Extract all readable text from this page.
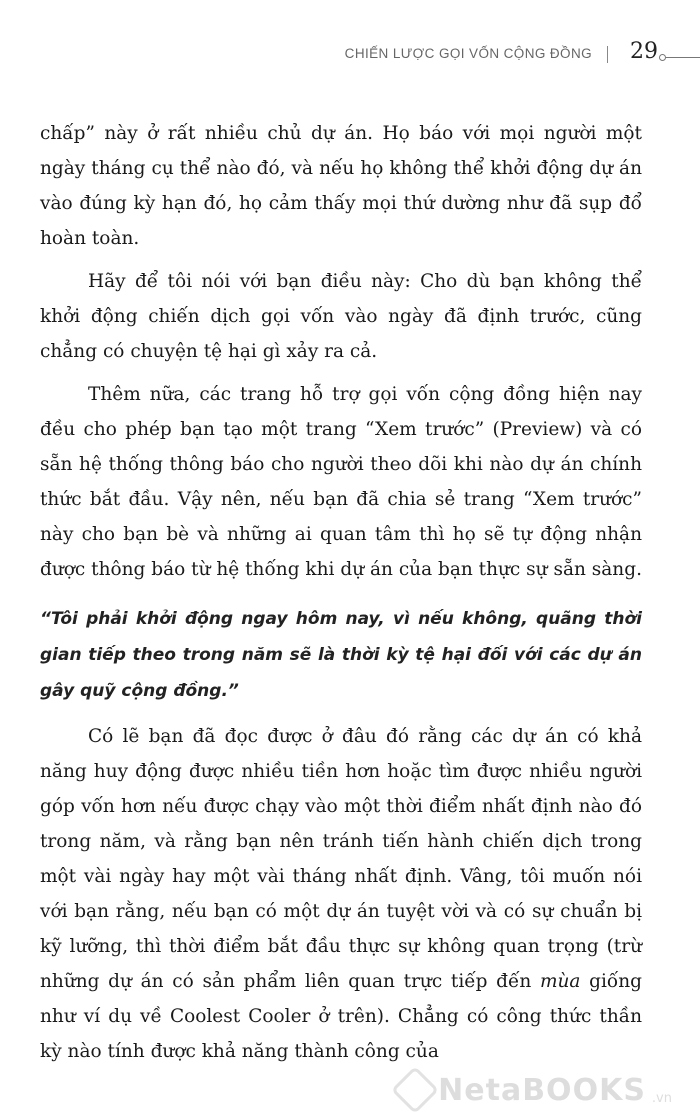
CHIẾN LƯỢC GỌI VỐN CỘNG ĐỒNG 29

chấp” này ở rất nhiều chủ dự án. Họ báo với mọi người một ngày tháng cụ thể nào đó, và nếu họ không thể khởi động dự án vào đúng kỳ hạn đó, họ cảm thấy mọi thứ dường như đã sụp đổ hoàn toàn.

Hãy để tôi nói với bạn điều này: Cho dù bạn không thể khởi động chiến dịch gọi vốn vào ngày đã định trước, cũng chẳng có chuyện tệ hại gì xảy ra cả.

Thêm nữa, các trang hỗ trợ gọi vốn cộng đồng hiện nay đều cho phép bạn tạo một trang “Xem trước” (Preview) và có sẵn hệ thống thông báo cho người theo dõi khi nào dự án chính thức bắt đầu. Vậy nên, nếu bạn đã chia sẻ trang “Xem trước” này cho bạn bè và những ai quan tâm thì họ sẽ tự động nhận được thông báo từ hệ thống khi dự án của bạn thực sự sẵn sàng.

“Tôi phải khởi động ngay hôm nay, vì nếu không, quãng thời gian tiếp theo trong năm sẽ là thời kỳ tệ hại đối với các dự án gây quỹ cộng đồng.”

Có lẽ bạn đã đọc được ở đâu đó rằng các dự án có khả năng huy động được nhiều tiền hơn hoặc tìm được nhiều người góp vốn hơn nếu được chạy vào một thời điểm nhất định nào đó trong năm, và rằng bạn nên tránh tiến hành chiến dịch trong một vài ngày hay một vài tháng nhất định. Vâng, tôi muốn nói với bạn rằng, nếu bạn có một dự án tuyệt vời và có sự chuẩn bị kỹ lưỡng, thì thời điểm bắt đầu thực sự không quan trọng (trừ những dự án có sản phẩm liên quan trực tiếp đến mùa giống như ví dụ về Coolest Cooler ở trên). Chẳng có công thức thần kỳ nào tính được khả năng thành công của

NetaBOOKS .vn
